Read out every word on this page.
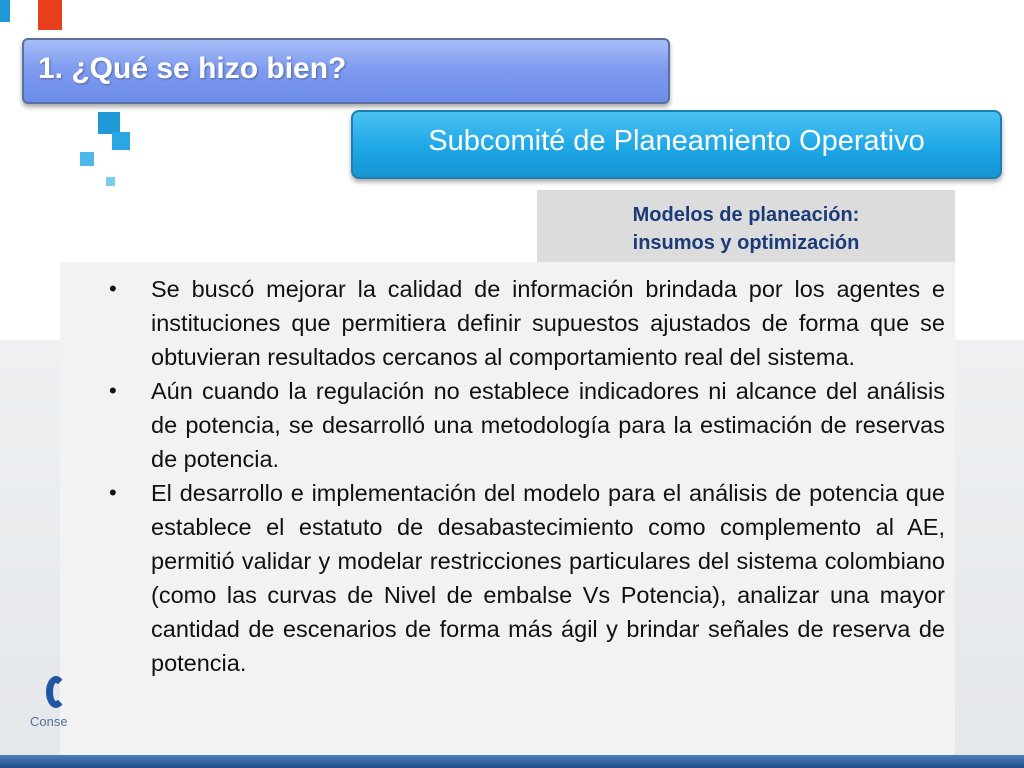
1. ¿Qué se hizo bien?
Subcomité de Planeamiento Operativo
Modelos de planeación:
insumos y optimización
• Se buscó mejorar la calidad de información brindada por los agentes e instituciones que permitiera definir supuestos ajustados de forma que se obtuvieran resultados cercanos al comportamiento real del sistema.
• Aún cuando la regulación no establece indicadores ni alcance del análisis de potencia, se desarrolló una metodología para la estimación de reservas de potencia.
• El desarrollo e implementación del modelo para el análisis de potencia que establece el estatuto de desabastecimiento como complemento al AE, permitió validar y modelar restricciones particulares del sistema colombiano (como las curvas de Nivel de embalse Vs Potencia), analizar una mayor cantidad de escenarios de forma más ágil y brindar señales de reserva de potencia.
Conse
